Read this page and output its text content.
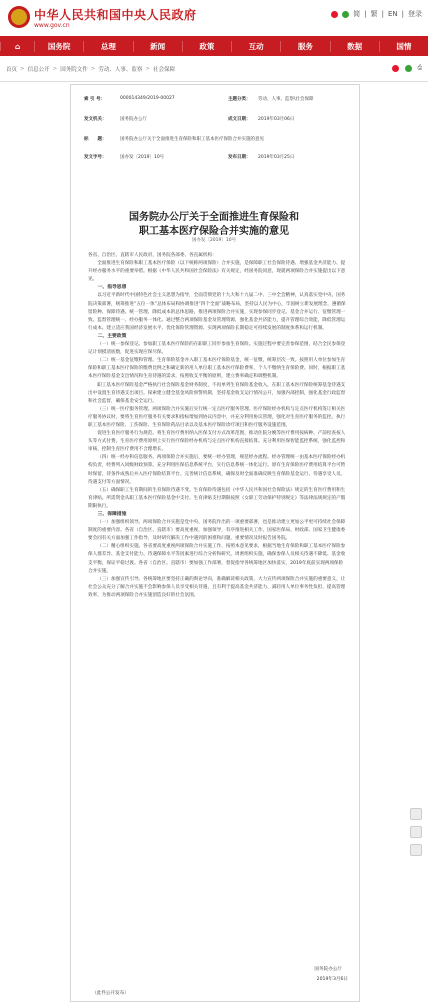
中华人民共和国中央人民政府
www.gov.cn
简 | 繁 | EN | 登录
⌂	国务院	总理	新闻	政策	互动	服务	数据	国情
首页 > 信息公开 > 国务院文件 > 劳动、人事、监察 > 社会保障	⎙
索 引 号：	000014349/2019-00027	主题分类： 劳动、人事、监察\社会保障
发文机关：	国务院办公厅	成文日期： 2019年03月06日
标　　题：	国务院办公厅关于全面推进生育保险和职工基本医疗保险合并实施的意见
发文字号：	国办发〔2019〕10号	发布日期： 2019年03月25日
国务院办公厅关于全面推进生育保险和
职工基本医疗保险合并实施的意见
国办发〔2019〕10号
各省、自治区、直辖市人民政府，国务院各部委、各直属机构：

全面推进生育保险和职工基本医疗保险（以下统称两项保险）合并实施，是保障职工社会保险待遇、增强基金共济能力、提升经办服务水平的重要举措。根据《中华人民共和国社会保险法》有关规定，经国务院同意，现就两项保险合并实施提出以下意见。

一、指导思想

以习近平新时代中国特色社会主义思想为指导，全面贯彻党的十九大和十九届二中、三中全会精神，认真落实党中央、国务院决策部署，统筹推进“五位一体”总体布局和协调推进“四个全面”战略布局，坚持以人民为中心，牢固树立新发展理念，遵循保留险种、保障待遇、统一管理、降低成本的总体思路，推进两项保险合并实施，实现参保同步登记、基金合并运行、征缴管理一致、监督管理统一、经办服务一体化。通过整合两项保险基金及管理资源，强化基金共济能力，提升管理综合效能，降低管理运行成本。建立适应我国经济发展水平、优化保险管理资源、实现两项保险长期稳定可持续发展的制度体系和运行机制。

二、主要政策

（一）统一参保登记。参加职工基本医疗保险的在职职工同步参加生育保险。实施过程中要完善参保范围，结合全民参保登记计划摸清底数，促进实现应保尽保。

（二）统一基金征缴和管理。生育保险基金并入职工基本医疗保险基金，统一征缴，统筹层次一致。按照用人单位参加生育保险和职工基本医疗保险的缴费比例之和确定新的用人单位职工基本医疗保险费率，个人不缴纳生育保险费。同时，根据职工基本医疗保险基金支出情况和生育待遇的需求，按照收支平衡的原则，建立费率确定和调整机制。

职工基本医疗保险基金严格执行社会保险基金财务制度，不再单列生育保险基金收入，在职工基本医疗保险统筹基金待遇支出中设置生育待遇支出项目。探索建立健全基金风险预警机制，坚持基金收支运行情况公开，加强内部控制，强化基金行政监督和社会监督，确保基金安全运行。

（三）统一医疗服务管理。两项保险合并实施后实行统一定点医疗服务管理。医疗保险经办机构与定点医疗机构签订相关医疗服务协议时，要将生育医疗服务有关要求和指标增加到协议内容中，并充分利用协议管理，强化对生育医疗服务的监控。执行职工基本医疗保险、工伤保险、生育保险药品目录以及基本医疗保险诊疗项目和医疗服务设施范围。

促进生育医疗服务行为规范。将生育医疗费用纳入医保支付方式改革范围，推动住院分娩等医疗费用按病种、产前检查按人头等方式付费。生育医疗费用原则上实行医疗保险经办机构与定点医疗机构直接结算。充分利用医保智能监控系统，强化监控和审核，控制生育医疗费用不合理增长。

（四）统一经办和信息服务。两项保险合并实施后，要统一经办管理，规范经办流程。经办管理统一由基本医疗保险经办机构负责，经费列入同级财政预算。充分利用医保信息系统平台，实行信息系统一体化运行。原有生育保险医疗费用结算平台可暂时保留，待条件成熟后并入医疗保险结算平台。完善统计信息系统，确保及时全面准确反映生育保险基金运行、待遇享受人员、待遇支付等方面情况。

（五）确保职工生育期间的生育保险待遇不变。生育保险待遇包括《中华人民共和国社会保险法》规定的生育医疗费用和生育津贴。所需资金从职工基本医疗保险基金中支付。生育津贴支付期限按照《女职工劳动保护特别规定》等法律法规规定的产假期限执行。

三、保障措施

（一）加强组织领导。两项保险合并实施是党中央、国务院作出的一项重要部署，也是推动建立更加公平更可持续社会保障制度的重要内容。各省（自治区、直辖市）要高度重视，加强领导，有序推进相关工作。国家医保局、财政部、国家卫生健康委要会同有关方面加强工作指导，及时研究解决工作中遇到的困难和问题，重要情况及时报告国务院。

（二）精心组织实施。各省要高度重视两项保险合并实施工作，按照本意见要求，根据当地生育保险和职工基本医疗保险参保人群差异、基金支付能力、待遇保障水平等因素进行综合分析和研究，周密组织实施，确保参保人员相关待遇不降低、基金收支平衡，保证平稳过渡。各省（自治区、直辖市）要加强工作部署，督促指导各统筹地区加快落实，2019年底前实现两项保险合并实施。

（三）加强宣传引导。各统筹地区要坚持正确的舆论导向，准确解读相关政策，大力宣传两项保险合并实施的重要意义，让社会公众充分了解合并实施不会影响参保人员享受相关待遇，且有利于提高基金共济能力、减轻用人单位事务性负担、提高管理效率，为推动两项保险合并实施创造良好的社会氛围。

国务院办公厅
2019年3月6日
（此件公开发布）
